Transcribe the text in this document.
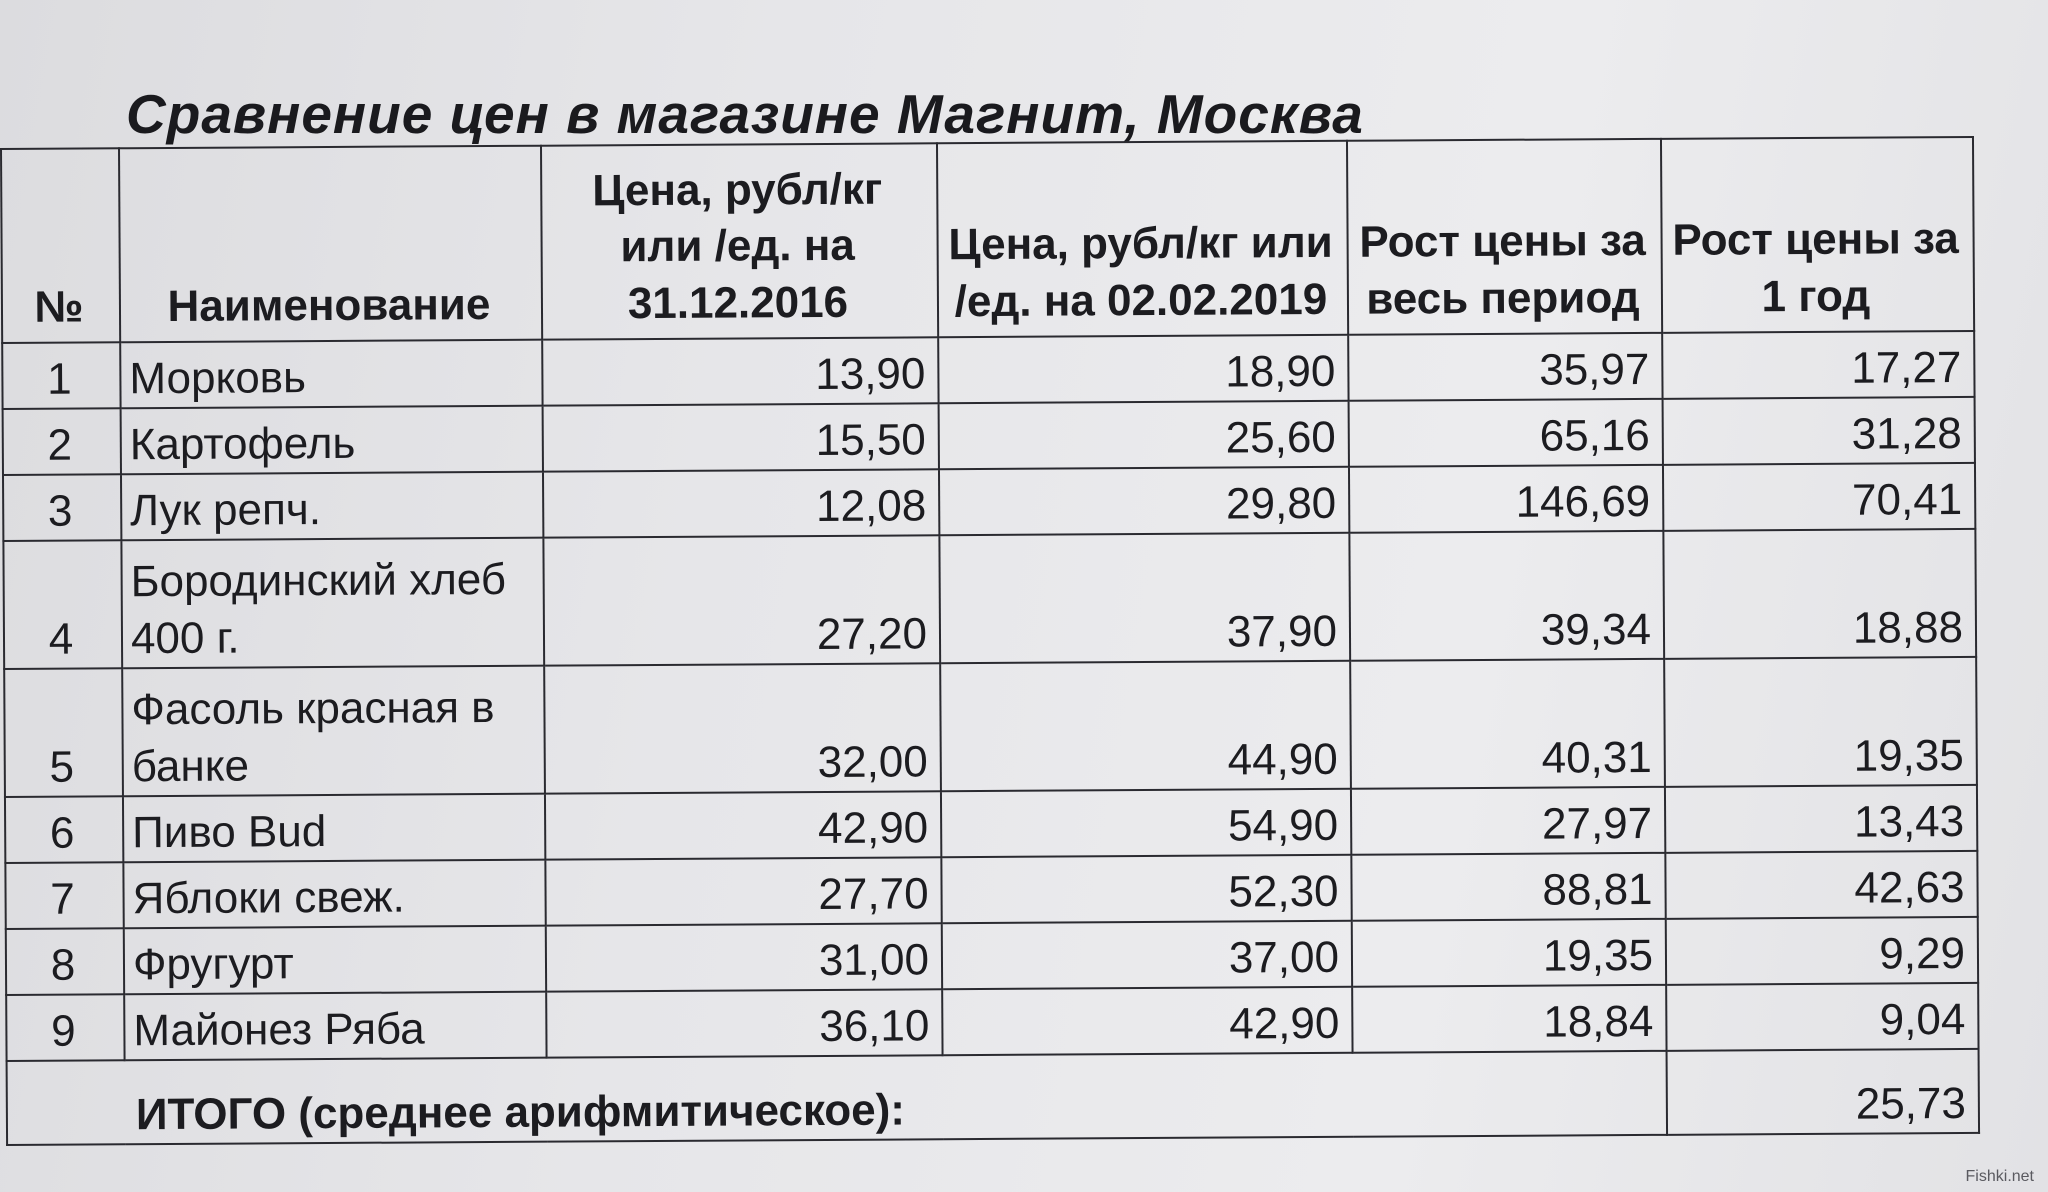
Сравнение цен в магазине Магнит, Москва
№	Наименование	Цена, рубл/кг или /ед. на 31.12.2016	Цена, рубл/кг или /ед. на 02.02.2019	Рост цены за весь период	Рост цены за 1 год
1	Морковь	13,90	18,90	35,97	17,27
2	Картофель	15,50	25,60	65,16	31,28
3	Лук репч.	12,08	29,80	146,69	70,41
4	Бородинский хлеб 400 г.	27,20	37,90	39,34	18,88
5	Фасоль красная в банке	32,00	44,90	40,31	19,35
6	Пиво Bud	42,90	54,90	27,97	13,43
7	Яблоки свеж.	27,70	52,30	88,81	42,63
8	Фругурт	31,00	37,00	19,35	9,29
9	Майонез Ряба	36,10	42,90	18,84	9,04
ИТОГО (среднее арифмитическое):					25,73
Fishki.net
